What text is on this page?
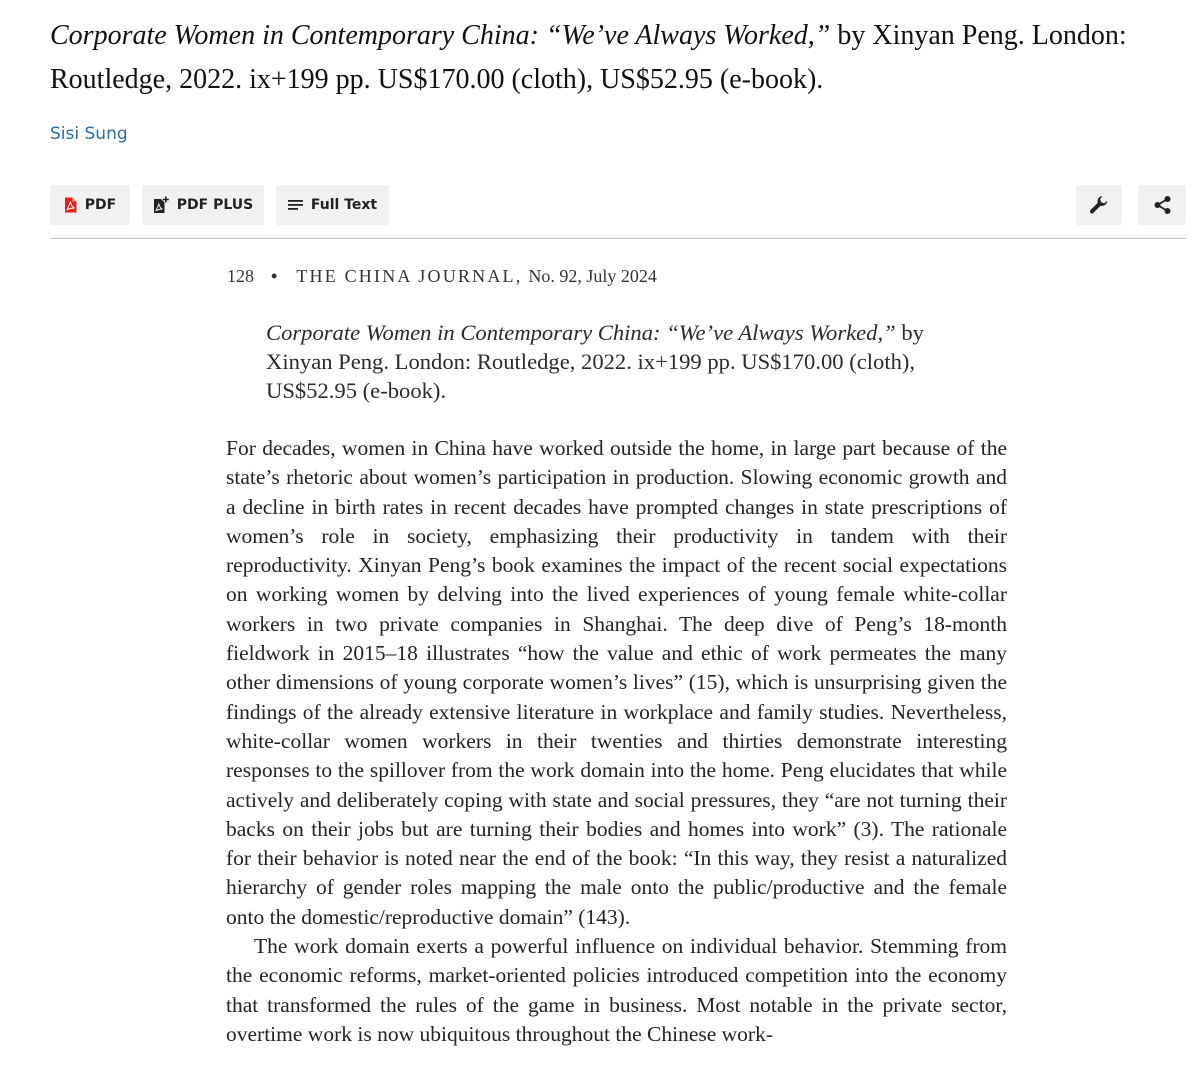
Corporate Women in Contemporary China: “We’ve Always Worked,” by Xinyan Peng. London: Routledge, 2022. ix+199 pp. US$170.00 (cloth), US$52.95 (e-book).
Sisi Sung
PDF	PDF PLUS	Full Text
128 • THE CHINA JOURNAL, No. 92, July 2024
Corporate Women in Contemporary China: “We’ve Always Worked,” by Xinyan Peng. London: Routledge, 2022. ix+199 pp. US$170.00 (cloth), US$52.95 (e-book).

For decades, women in China have worked outside the home, in large part because of the state’s rhetoric about women’s participation in production. Slowing economic growth and a decline in birth rates in recent decades have prompted changes in state prescriptions of women’s role in society, emphasizing their productivity in tandem with their reproductivity. Xinyan Peng’s book examines the impact of the recent social expectations on working women by delving into the lived experiences of young female white-collar workers in two private companies in Shanghai. The deep dive of Peng’s 18-month fieldwork in 2015–18 illustrates “how the value and ethic of work permeates the many other dimensions of young corporate women’s lives” (15), which is unsurprising given the findings of the already extensive literature in workplace and family studies. Nevertheless, white-collar women workers in their twenties and thirties demonstrate interesting responses to the spillover from the work domain into the home. Peng elucidates that while actively and deliberately coping with state and social pressures, they “are not turning their backs on their jobs but are turning their bodies and homes into work” (3). The rationale for their behavior is noted near the end of the book: “In this way, they resist a naturalized hierarchy of gender roles mapping the male onto the public/productive and the female onto the domestic/reproductive domain” (143).

The work domain exerts a powerful influence on individual behavior. Stemming from the economic reforms, market-oriented policies introduced competition into the economy that transformed the rules of the game in business. Most notable in the private sector, overtime work is now ubiquitous throughout the Chinese work-
